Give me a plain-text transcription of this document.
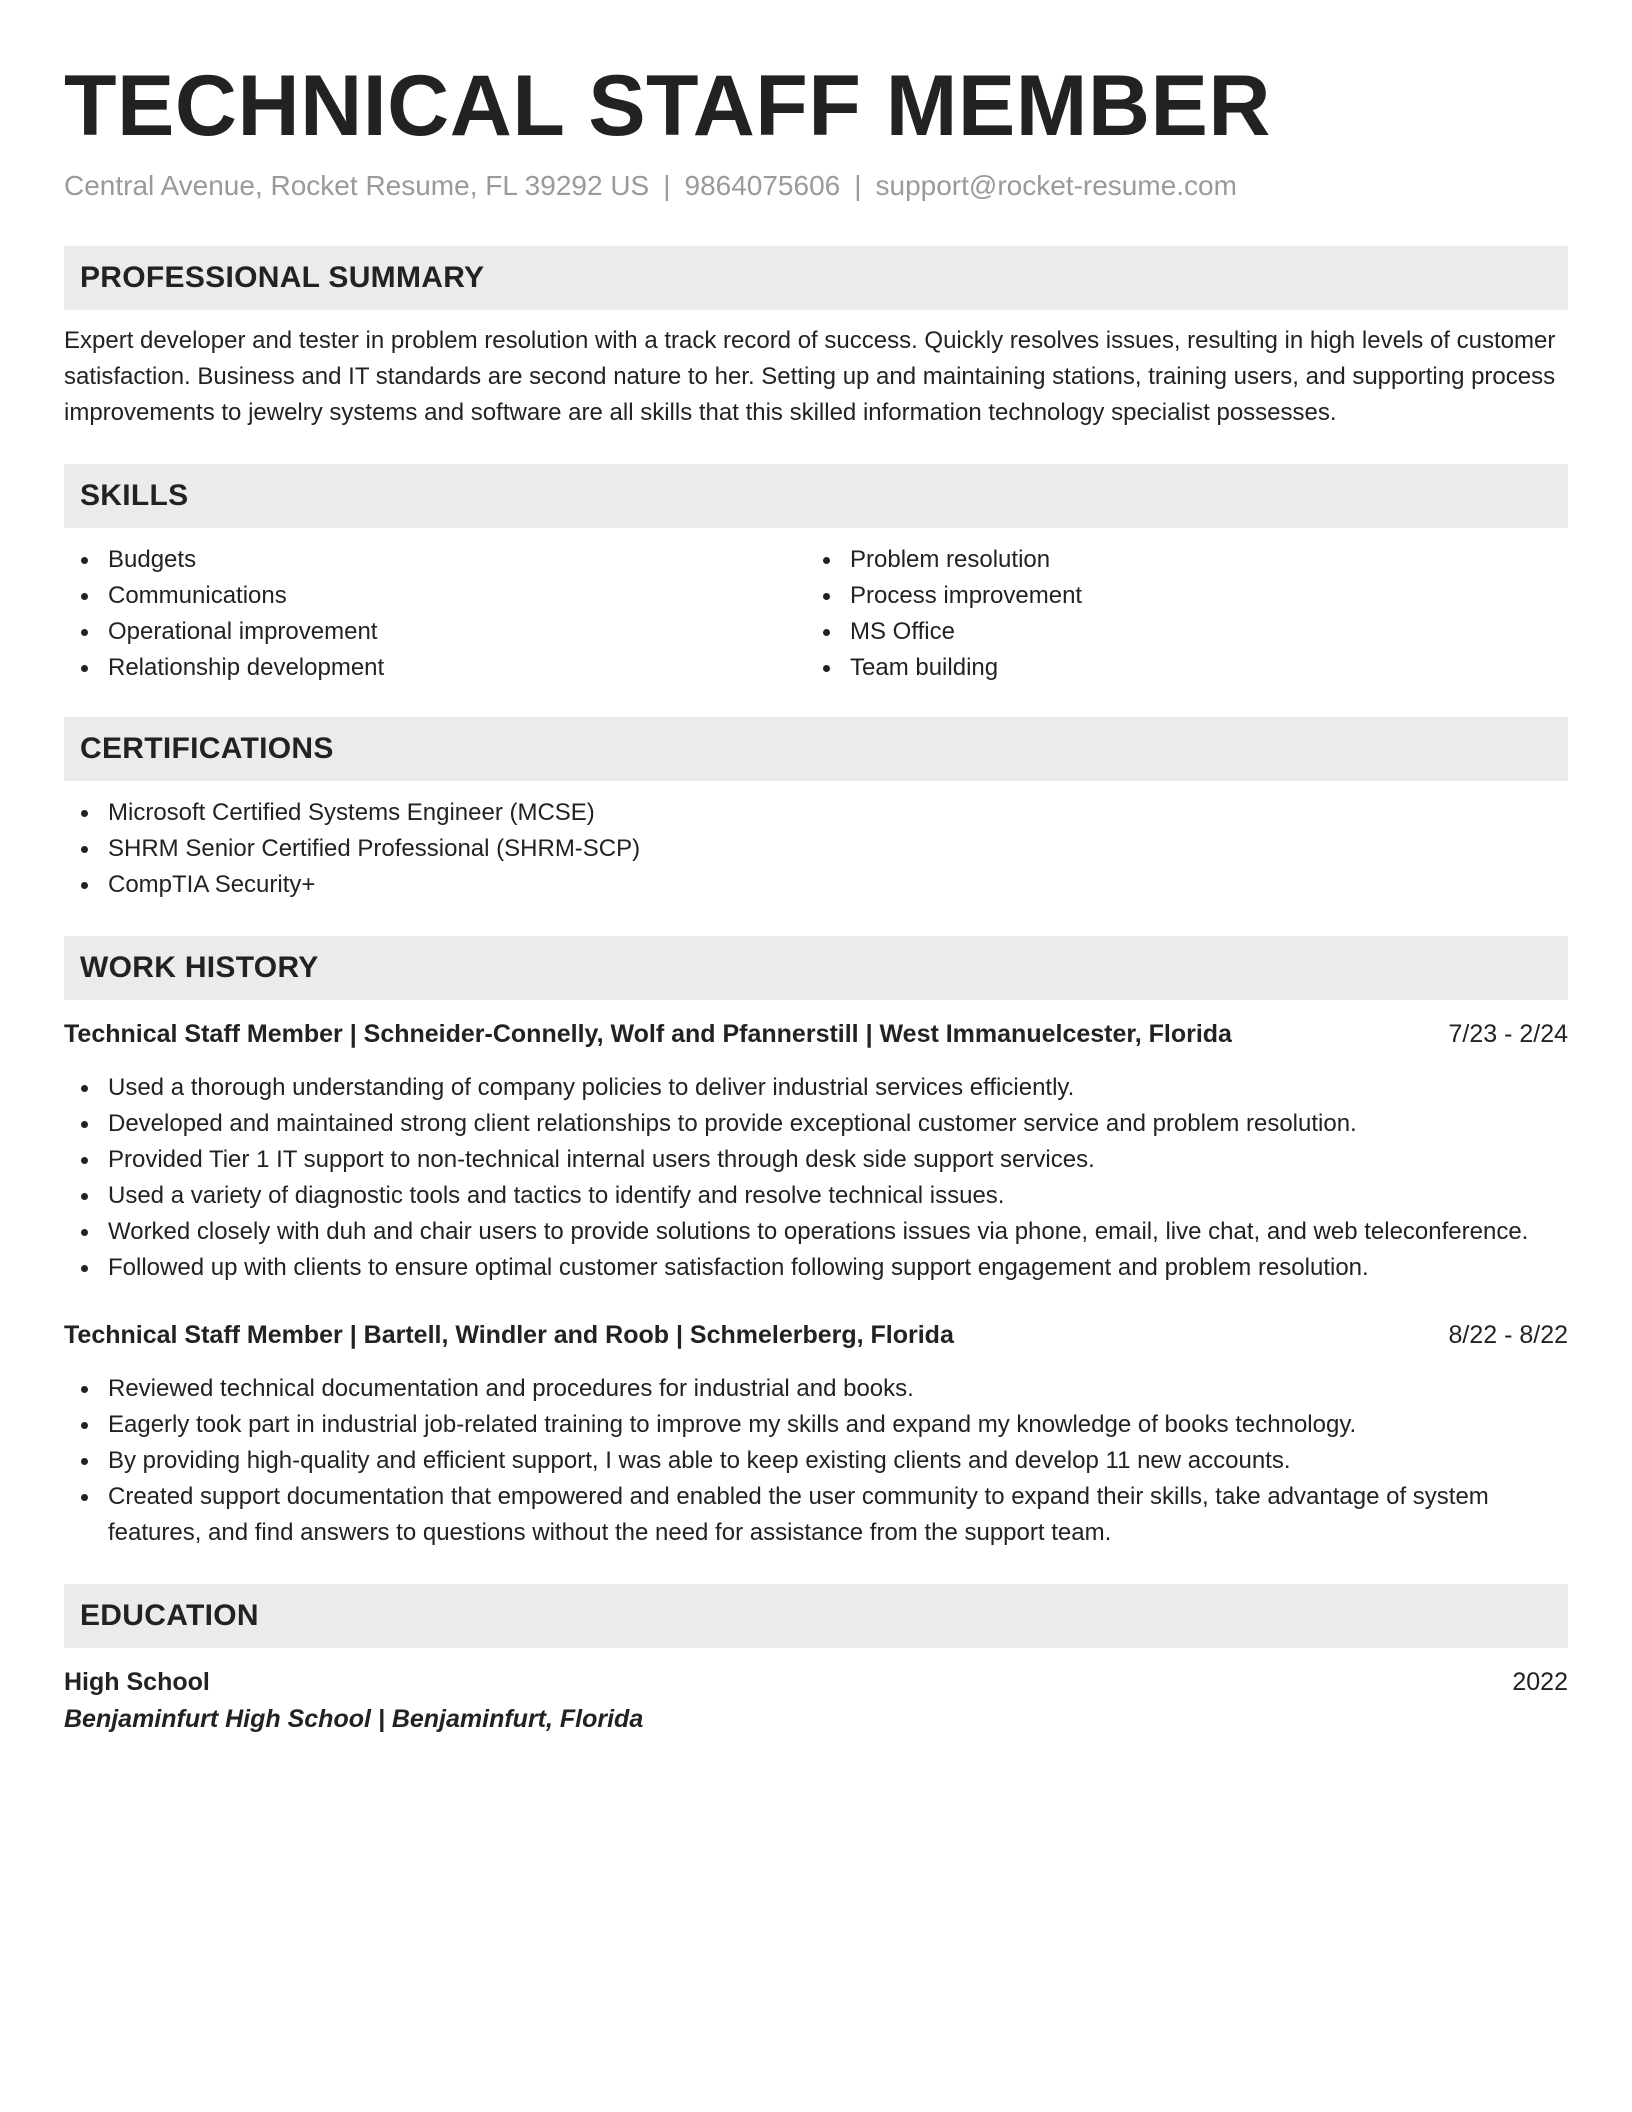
TECHNICAL STAFF MEMBER
Central Avenue, Rocket Resume, FL 39292 US | 9864075606 | support@rocket-resume.com
PROFESSIONAL SUMMARY
Expert developer and tester in problem resolution with a track record of success. Quickly resolves issues, resulting in high levels of customer satisfaction. Business and IT standards are second nature to her. Setting up and maintaining stations, training users, and supporting process improvements to jewelry systems and software are all skills that this skilled information technology specialist possesses.
SKILLS
Budgets
Communications
Operational improvement
Relationship development
Problem resolution
Process improvement
MS Office
Team building
CERTIFICATIONS
Microsoft Certified Systems Engineer (MCSE)
SHRM Senior Certified Professional (SHRM-SCP)
CompTIA Security+
WORK HISTORY
Technical Staff Member | Schneider-Connelly, Wolf and Pfannerstill | West Immanuelcester, Florida	7/23 - 2/24
Used a thorough understanding of company policies to deliver industrial services efficiently.
Developed and maintained strong client relationships to provide exceptional customer service and problem resolution.
Provided Tier 1 IT support to non-technical internal users through desk side support services.
Used a variety of diagnostic tools and tactics to identify and resolve technical issues.
Worked closely with duh and chair users to provide solutions to operations issues via phone, email, live chat, and web teleconference.
Followed up with clients to ensure optimal customer satisfaction following support engagement and problem resolution.
Technical Staff Member | Bartell, Windler and Roob | Schmelerberg, Florida	8/22 - 8/22
Reviewed technical documentation and procedures for industrial and books.
Eagerly took part in industrial job-related training to improve my skills and expand my knowledge of books technology.
By providing high-quality and efficient support, I was able to keep existing clients and develop 11 new accounts.
Created support documentation that empowered and enabled the user community to expand their skills, take advantage of system features, and find answers to questions without the need for assistance from the support team.
EDUCATION
High School	2022
Benjaminfurt High School | Benjaminfurt, Florida
